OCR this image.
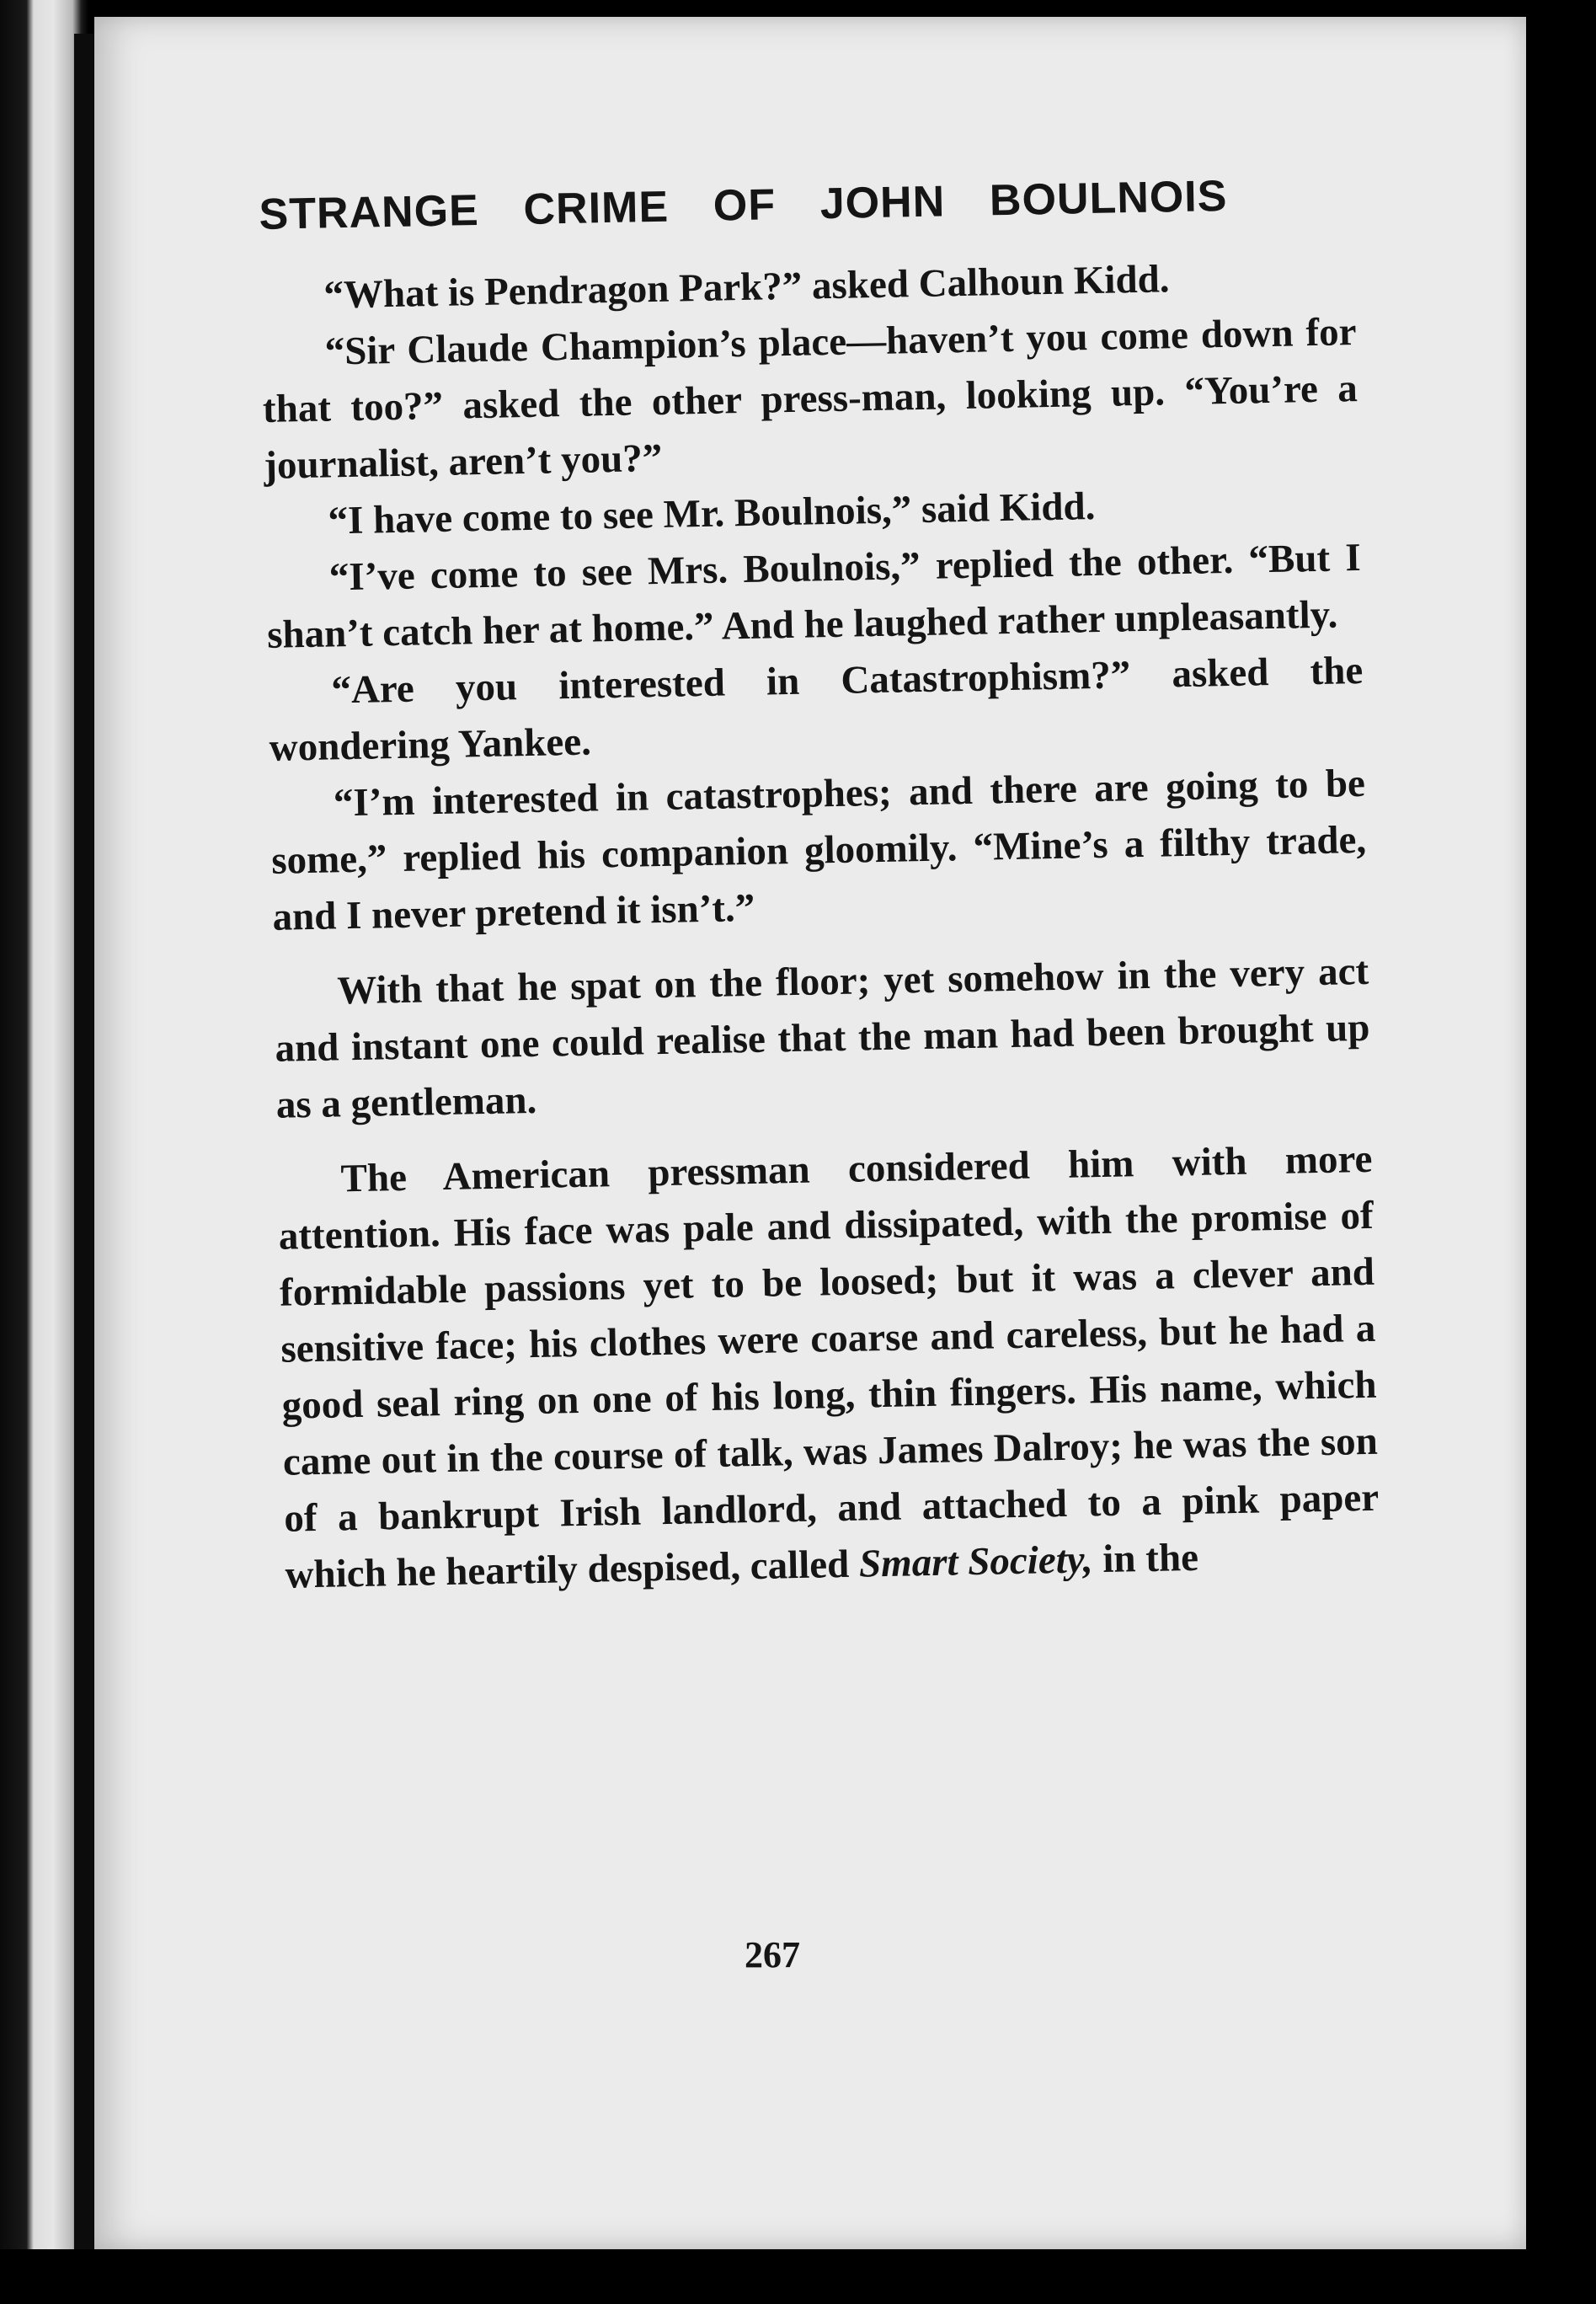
STRANGE CRIME OF JOHN BOULNOIS

“What is Pendragon Park?” asked Calhoun Kidd.

“Sir Claude Champion’s place—haven’t you come down for that too?” asked the other press-man, looking up. “You’re a journalist, aren’t you?”

“I have come to see Mr. Boulnois,” said Kidd.

“I’ve come to see Mrs. Boulnois,” replied the other. “But I shan’t catch her at home.” And he laughed rather unpleasantly.

“Are you interested in Catastrophism?” asked the wondering Yankee.

“I’m interested in catastrophes; and there are going to be some,” replied his companion gloomily. “Mine’s a filthy trade, and I never pretend it isn’t.”

With that he spat on the floor; yet somehow in the very act and instant one could realise that the man had been brought up as a gentleman.

The American pressman considered him with more attention. His face was pale and dissipated, with the promise of formidable passions yet to be loosed; but it was a clever and sensitive face; his clothes were coarse and careless, but he had a good seal ring on one of his long, thin fingers. His name, which came out in the course of talk, was James Dalroy; he was the son of a bankrupt Irish landlord, and attached to a pink paper which he heartily despised, called Smart Society, in the

267
